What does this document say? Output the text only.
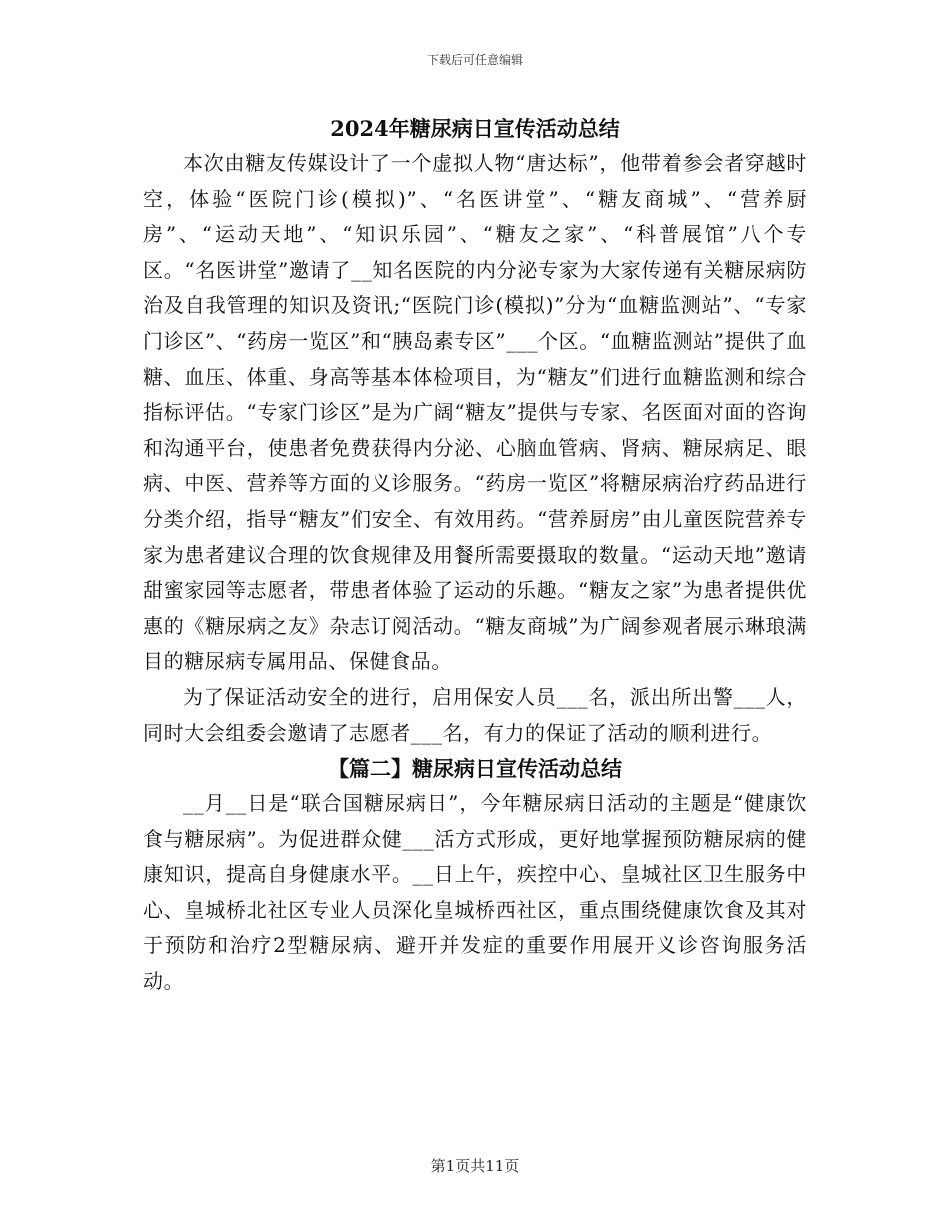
下载后可任意编辑
2024年糖尿病日宣传活动总结

本次由糖友传媒设计了一个虚拟人物“唐达标”，他带着参会者穿越时空，体验“医院门诊(模拟)”、“名医讲堂”、“糖友商城”、“营养厨房”、“运动天地”、“知识乐园”、“糖友之家”、“科普展馆”八个专区。“名医讲堂”邀请了__知名医院的内分泌专家为大家传递有关糖尿病防治及自我管理的知识及资讯;“医院门诊(模拟)”分为“血糖监测站”、“专家门诊区”、“药房一览区”和“胰岛素专区”___个区。“血糖监测站”提供了血糖、血压、体重、身高等基本体检项目，为“糖友”们进行血糖监测和综合指标评估。“专家门诊区”是为广阔“糖友”提供与专家、名医面对面的咨询和沟通平台，使患者免费获得内分泌、心脑血管病、肾病、糖尿病足、眼病、中医、营养等方面的义诊服务。“药房一览区”将糖尿病治疗药品进行分类介绍，指导“糖友”们安全、有效用药。“营养厨房”由儿童医院营养专家为患者建议合理的饮食规律及用餐所需要摄取的数量。“运动天地”邀请甜蜜家园等志愿者，带患者体验了运动的乐趣。“糖友之家”为患者提供优惠的《糖尿病之友》杂志订阅活动。“糖友商城”为广阔参观者展示琳琅满目的糖尿病专属用品、保健食品。

为了保证活动安全的进行，启用保安人员___名，派出所出警___人，同时大会组委会邀请了志愿者___名，有力的保证了活动的顺利进行。

【篇二】糖尿病日宣传活动总结

__月__日是“联合国糖尿病日”，今年糖尿病日活动的主题是“健康饮食与糖尿病”。为促进群众健___活方式形成，更好地掌握预防糖尿病的健康知识，提高自身健康水平。__日上午，疾控中心、皇城社区卫生服务中心、皇城桥北社区专业人员深化皇城桥西社区，重点围绕健康饮食及其对于预防和治疗2型糖尿病、避开并发症的重要作用展开义诊咨询服务活动。

第1页共11页
